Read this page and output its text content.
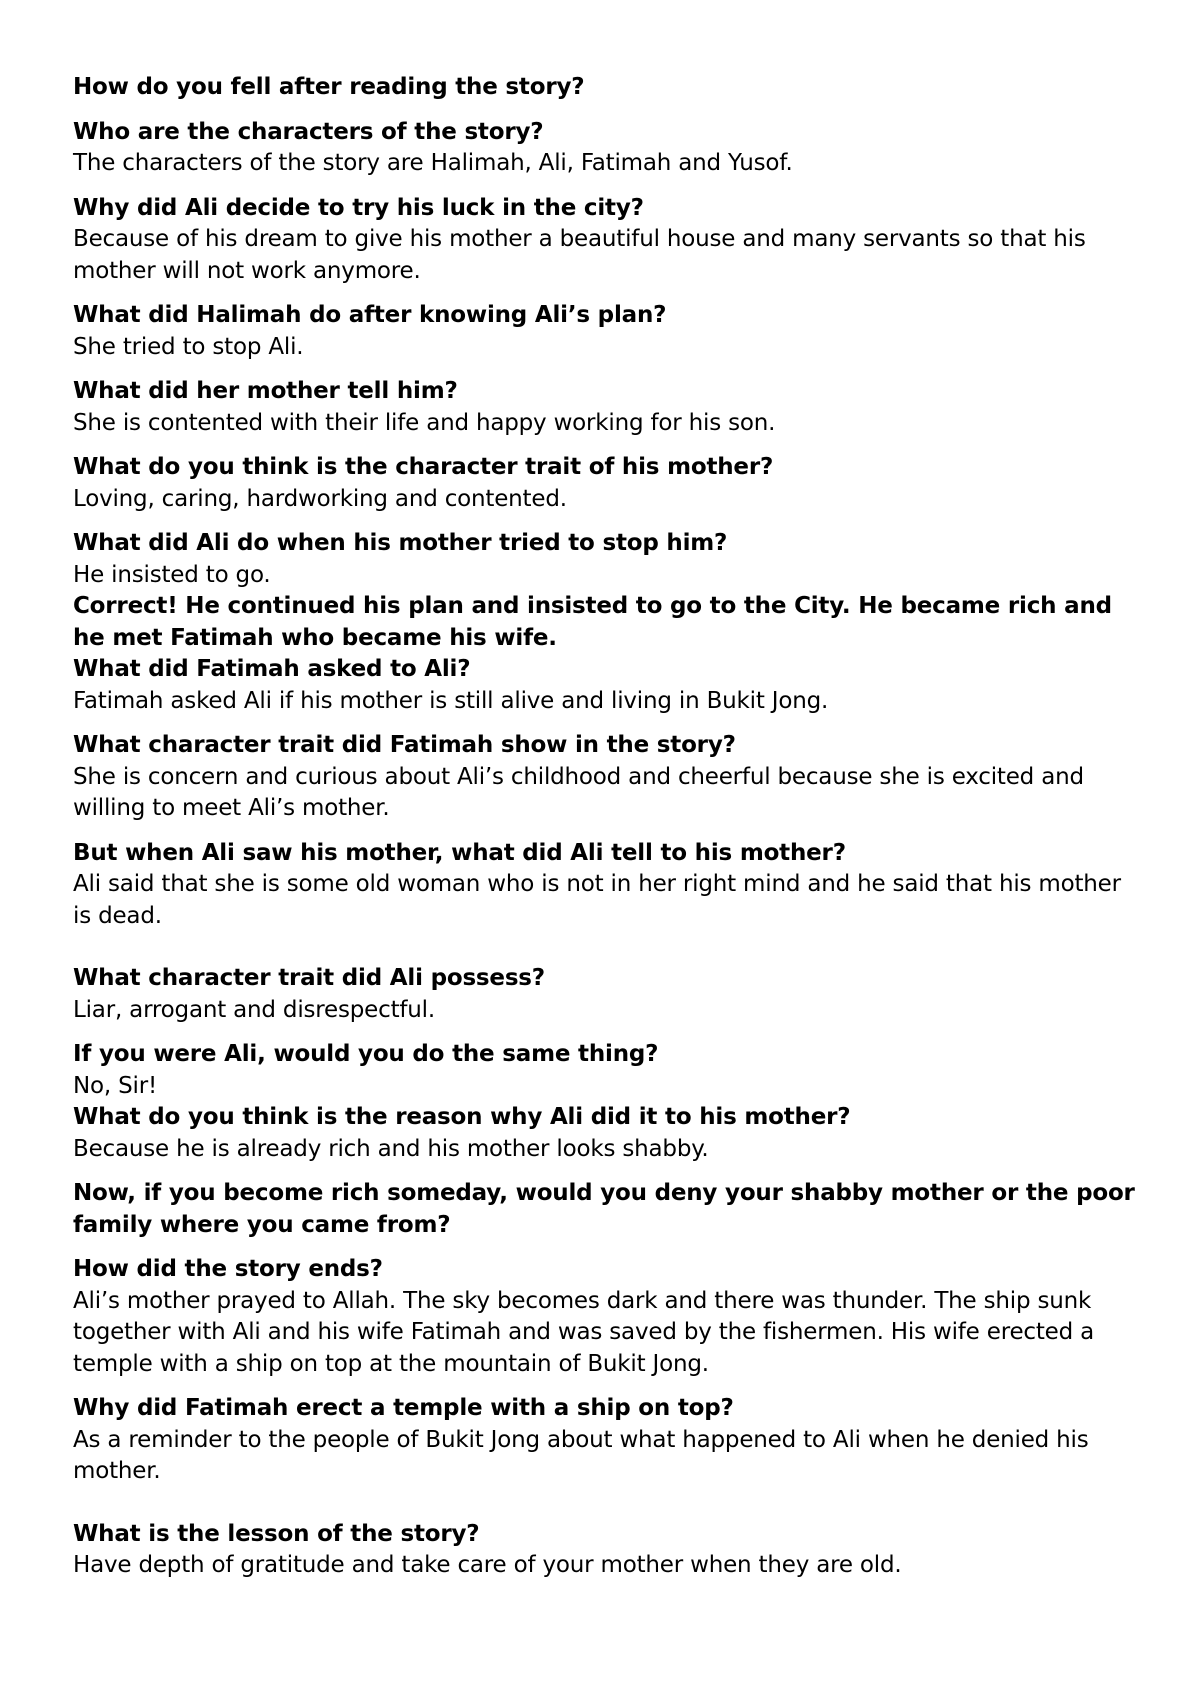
How do you fell after reading the story?

Who are the characters of the story?

The characters of the story are Halimah, Ali, Fatimah and Yusof.

Why did Ali decide to try his luck in the city?

Because of his dream to give his mother a beautiful house and many servants so that his mother will not work anymore.

What did Halimah do after knowing Ali’s plan?

She tried to stop Ali.

What did her mother tell him?

She is contented with their life and happy working for his son.

What do you think is the character trait of his mother?

Loving, caring, hardworking and contented.

What did Ali do when his mother tried to stop him?

He insisted to go.

Correct! He continued his plan and insisted to go to the City. He became rich and he met Fatimah who became his wife.

What did Fatimah asked to Ali?

Fatimah asked Ali if his mother is still alive and living in Bukit Jong.

What character trait did Fatimah show in the story?

She is concern and curious about Ali’s childhood and cheerful because she is excited and willing to meet Ali’s mother.

But when Ali saw his mother, what did Ali tell to his mother?

Ali said that she is some old woman who is not in her right mind and he said that his mother is dead.

What character trait did Ali possess?

Liar, arrogant and disrespectful.

If you were Ali, would you do the same thing?

No, Sir!

What do you think is the reason why Ali did it to his mother?

Because he is already rich and his mother looks shabby.

Now, if you become rich someday, would you deny your shabby mother or the poor family where you came from?

How did the story ends?

Ali’s mother prayed to Allah. The sky becomes dark and there was thunder. The ship sunk together with Ali and his wife Fatimah and was saved by the fishermen. His wife erected a temple with a ship on top at the mountain of Bukit Jong.

Why did Fatimah erect a temple with a ship on top?

As a reminder to the people of Bukit Jong about what happened to Ali when he denied his mother.

What is the lesson of the story?

Have depth of gratitude and take care of your mother when they are old.
